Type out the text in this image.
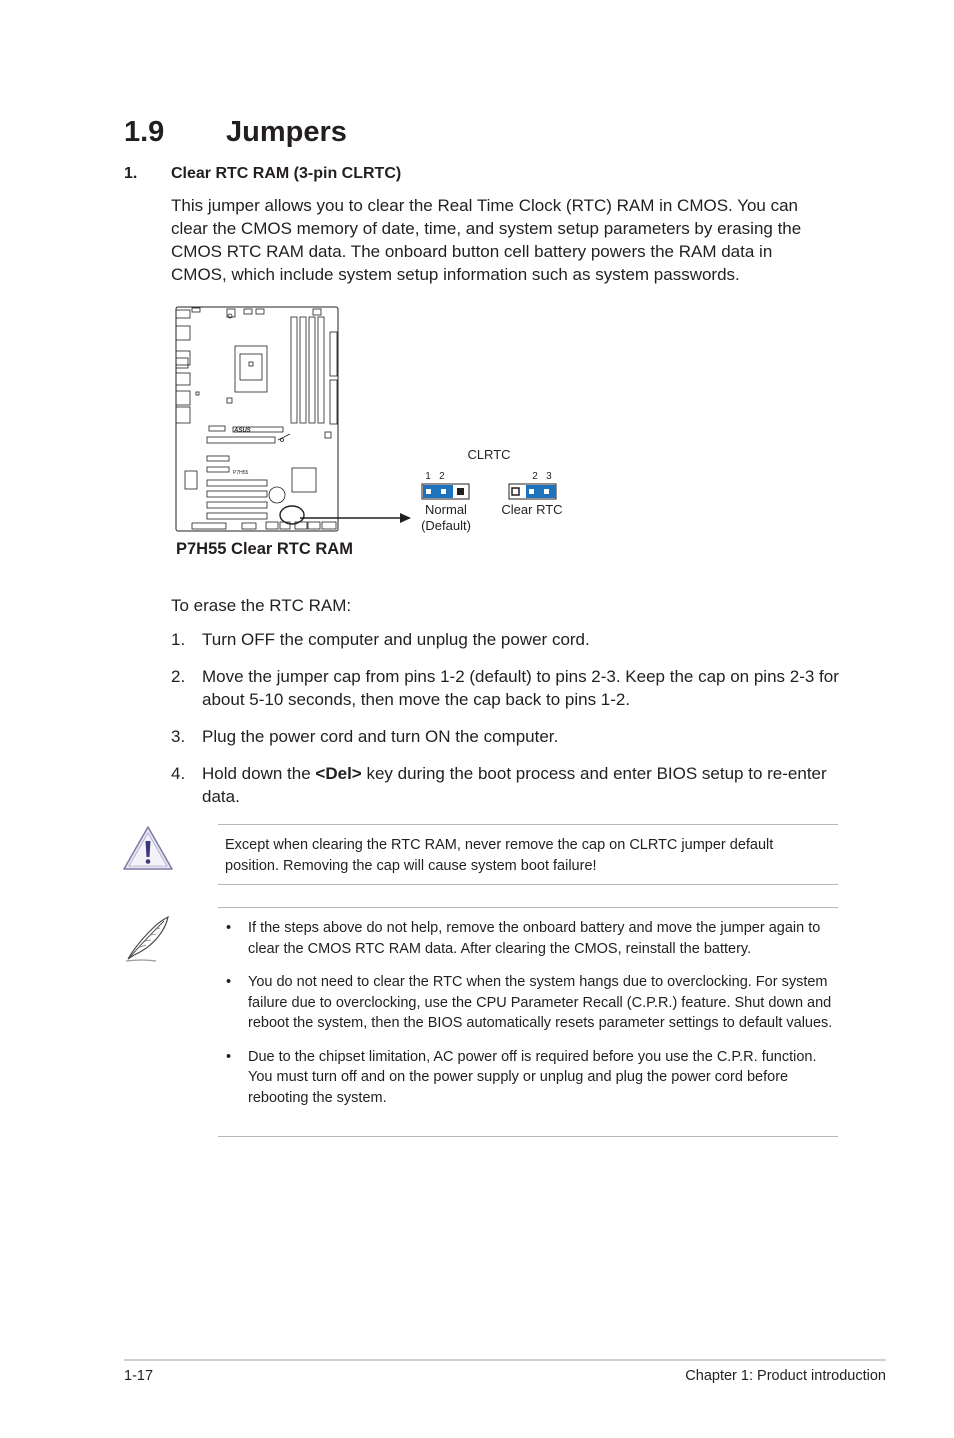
1.9 Jumpers
1. Clear RTC RAM (3-pin CLRTC)
This jumper allows you to clear the Real Time Clock (RTC) RAM in CMOS. You can clear the CMOS memory of date, time, and system setup parameters by erasing the CMOS RTC RAM data. The onboard button cell battery powers the RAM data in CMOS, which include system setup information such as system passwords.
ASUS
P7H55
CLRTC
1   2	2   3
Normal
(Default)
Clear RTC
P7H55 Clear RTC RAM
To erase the RTC RAM:
1. Turn OFF the computer and unplug the power cord.
2. Move the jumper cap from pins 1-2 (default) to pins 2-3. Keep the cap on pins 2-3 for about 5-10 seconds, then move the cap back to pins 1-2.
3. Plug the power cord and turn ON the computer.
4. Hold down the <Del> key during the boot process and enter BIOS setup to re-enter data.
Except when clearing the RTC RAM, never remove the cap on CLRTC jumper default position. Removing the cap will cause system boot failure!
•	If the steps above do not help, remove the onboard battery and move the jumper again to clear the CMOS RTC RAM data. After clearing the CMOS, reinstall the battery.
•	You do not need to clear the RTC when the system hangs due to overclocking. For system failure due to overclocking, use the CPU Parameter Recall (C.P.R.) feature. Shut down and reboot the system, then the BIOS automatically resets parameter settings to default values.
•	Due to the chipset limitation, AC power off is required before you use the C.P.R. function. You must turn off and on the power supply or unplug and plug the power cord before rebooting the system.
1-17	Chapter 1: Product introduction
